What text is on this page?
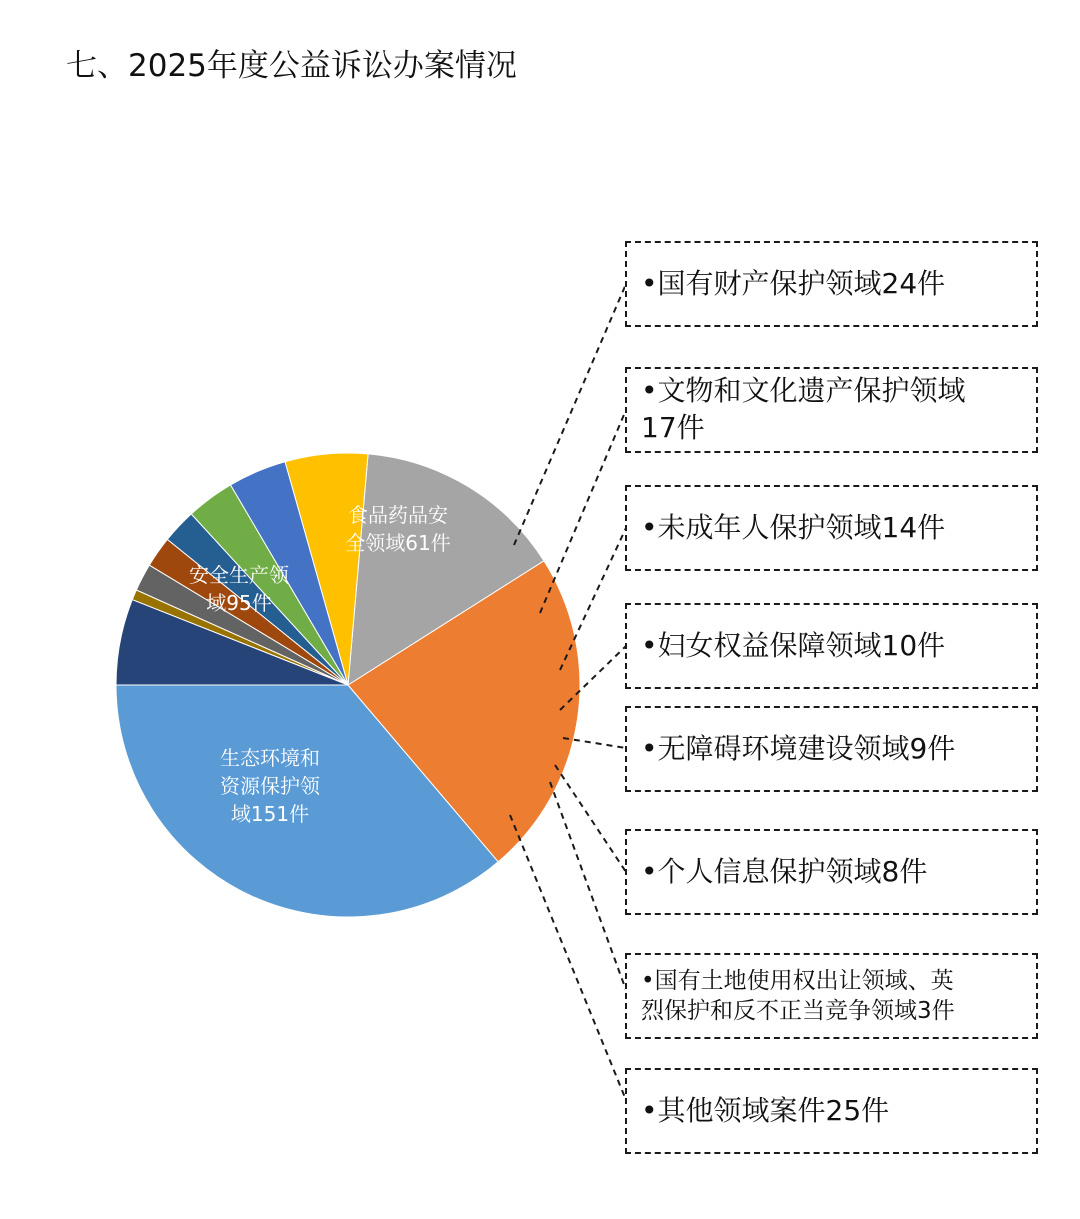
七、2025年度公益诉讼办案情况
生态环境和资源保护领域151件
安全生产领域95件
食品药品安全领域61件
•国有财产保护领域24件
•文物和文化遗产保护领域
17件
•未成年人保护领域14件
•妇女权益保障领域10件
•无障碍环境建设领域9件
•个人信息保护领域8件
•国有土地使用权出让领域、英
烈保护和反不正当竞争领域3件
•其他领域案件25件
